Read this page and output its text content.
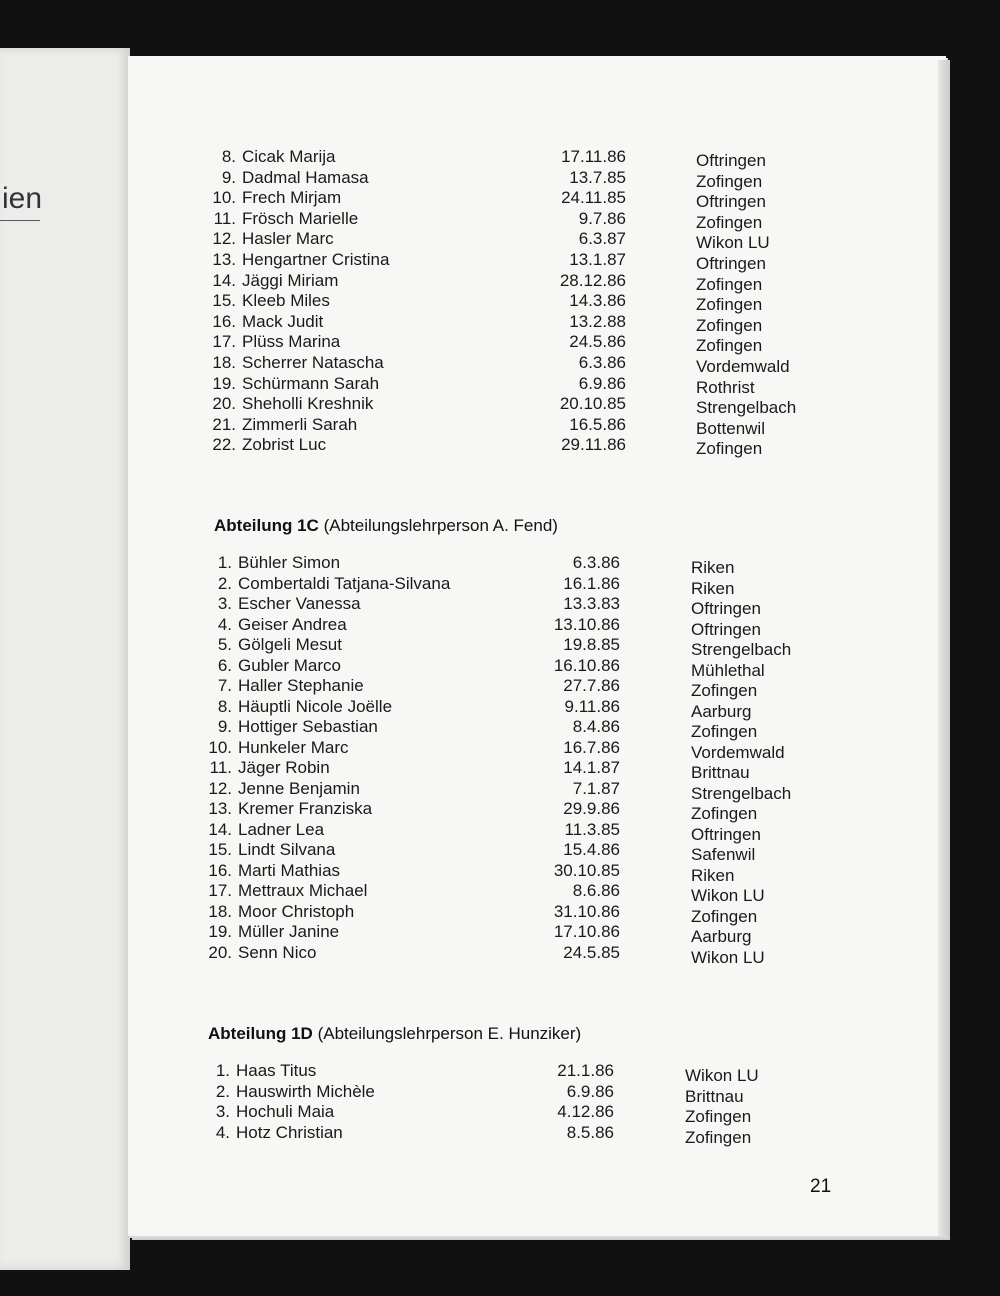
ien
8. Cicak Marija	17.11.86	Oftringen
9. Dadmal Hamasa	13.7.85	Zofingen
10. Frech Mirjam	24.11.85	Oftringen
11. Frösch Marielle	9.7.86	Zofingen
12. Hasler Marc	6.3.87	Wikon LU
13. Hengartner Cristina	13.1.87	Oftringen
14. Jäggi Miriam	28.12.86	Zofingen
15. Kleeb Miles	14.3.86	Zofingen
16. Mack Judit	13.2.88	Zofingen
17. Plüss Marina	24.5.86	Zofingen
18. Scherrer Natascha	6.3.86	Vordemwald
19. Schürmann Sarah	6.9.86	Rothrist
20. Sheholli Kreshnik	20.10.85	Strengelbach
21. Zimmerli Sarah	16.5.86	Bottenwil
22. Zobrist Luc	29.11.86	Zofingen
Abteilung 1C (Abteilungslehrperson A. Fend)
1. Bühler Simon	6.3.86	Riken
2. Combertaldi Tatjana-Silvana	16.1.86	Riken
3. Escher Vanessa	13.3.83	Oftringen
4. Geiser Andrea	13.10.86	Oftringen
5. Gölgeli Mesut	19.8.85	Strengelbach
6. Gubler Marco	16.10.86	Mühlethal
7. Haller Stephanie	27.7.86	Zofingen
8. Häuptli Nicole Joëlle	9.11.86	Aarburg
9. Hottiger Sebastian	8.4.86	Zofingen
10. Hunkeler Marc	16.7.86	Vordemwald
11. Jäger Robin	14.1.87	Brittnau
12. Jenne Benjamin	7.1.87	Strengelbach
13. Kremer Franziska	29.9.86	Zofingen
14. Ladner Lea	11.3.85	Oftringen
15. Lindt Silvana	15.4.86	Safenwil
16. Marti Mathias	30.10.85	Riken
17. Mettraux Michael	8.6.86	Wikon LU
18. Moor Christoph	31.10.86	Zofingen
19. Müller Janine	17.10.86	Aarburg
20. Senn Nico	24.5.85	Wikon LU
Abteilung 1D (Abteilungslehrperson E. Hunziker)
1. Haas Titus	21.1.86	Wikon LU
2. Hauswirth Michèle	6.9.86	Brittnau
3. Hochuli Maia	4.12.86	Zofingen
4. Hotz Christian	8.5.86	Zofingen
21
